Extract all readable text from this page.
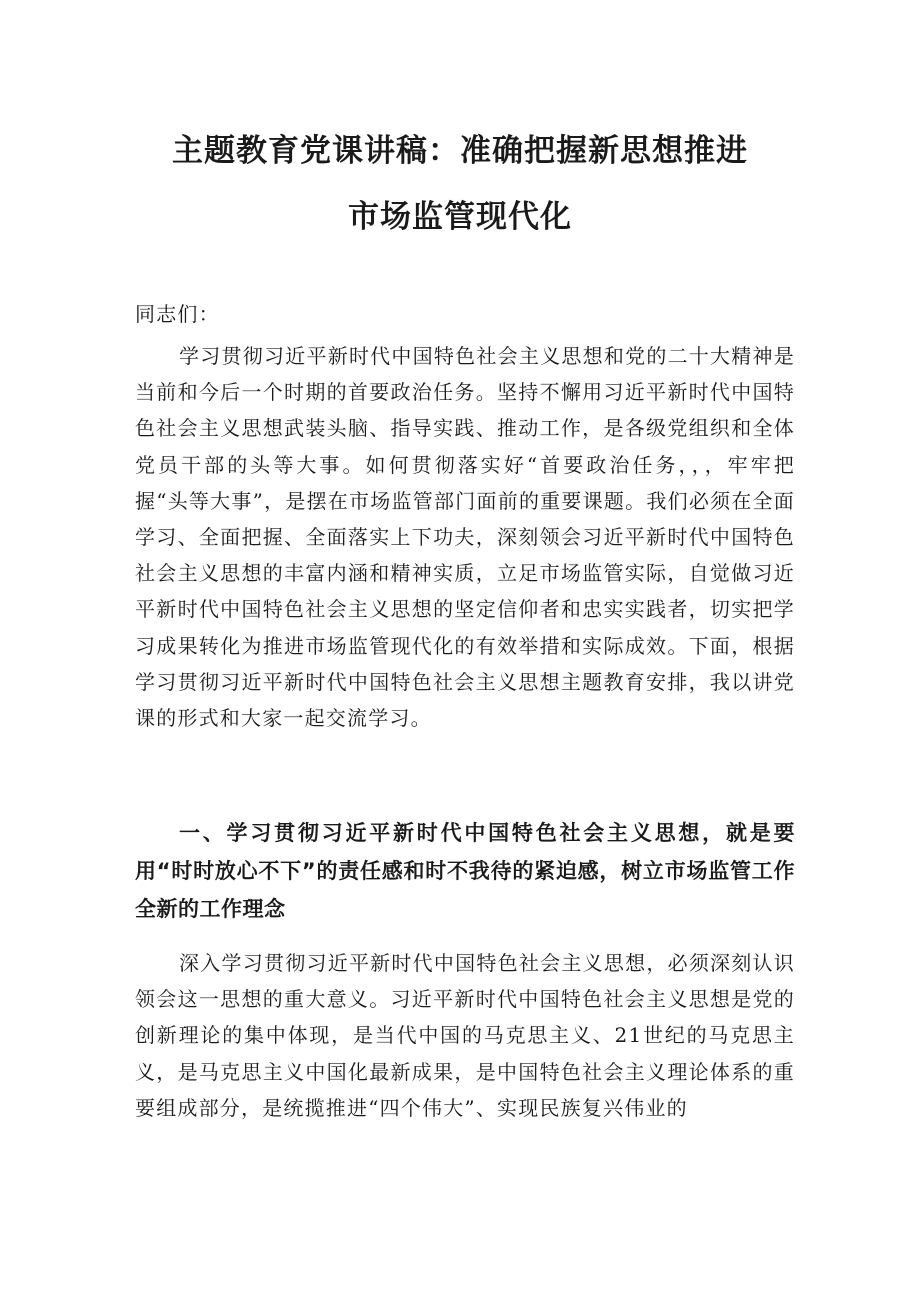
主题教育党课讲稿：准确把握新思想推进
市场监管现代化

同志们：

学习贯彻习近平新时代中国特色社会主义思想和党的二十大精神是当前和今后一个时期的首要政治任务。坚持不懈用习近平新时代中国特色社会主义思想武装头脑、指导实践、推动工作，是各级党组织和全体党员干部的头等大事。如何贯彻落实好“首要政治任务，，，牢牢把握“头等大事”，是摆在市场监管部门面前的重要课题。我们必须在全面学习、全面把握、全面落实上下功夫，深刻领会习近平新时代中国特色社会主义思想的丰富内涵和精神实质，立足市场监管实际，自觉做习近平新时代中国特色社会主义思想的坚定信仰者和忠实实践者，切实把学习成果转化为推进市场监管现代化的有效举措和实际成效。下面，根据学习贯彻习近平新时代中国特色社会主义思想主题教育安排，我以讲党课的形式和大家一起交流学习。

一、学习贯彻习近平新时代中国特色社会主义思想，就是要用“时时放心不下”的责任感和时不我待的紧迫感，树立市场监管工作全新的工作理念

深入学习贯彻习近平新时代中国特色社会主义思想，必须深刻认识领会这一思想的重大意义。习近平新时代中国特色社会主义思想是党的创新理论的集中体现，是当代中国的马克思主义、21世纪的马克思主义，是马克思主义中国化最新成果，是中国特色社会主义理论体系的重要组成部分，是统揽推进“四个伟大”、实现民族复兴伟业的
